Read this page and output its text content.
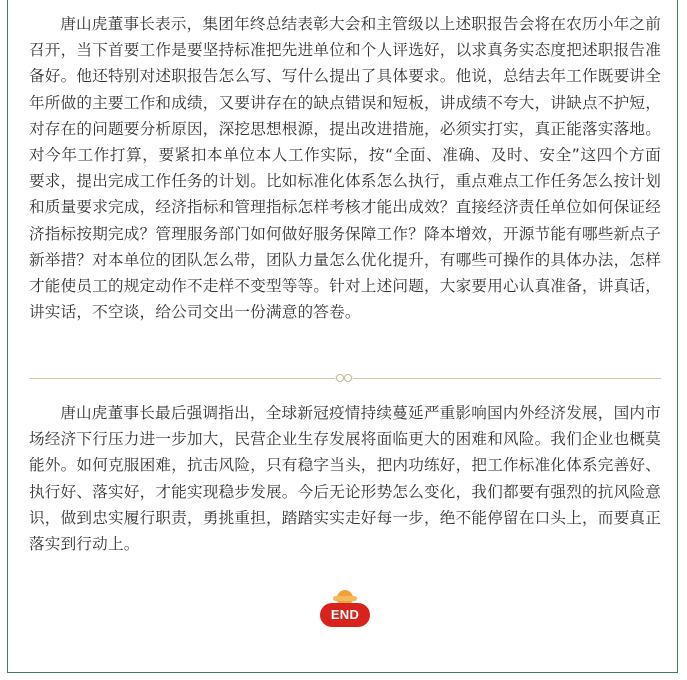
唐山虎董事长表示，集团年终总结表彰大会和主管级以上述职报告会将在农历小年之前召开，当下首要工作是要坚持标准把先进单位和个人评选好，以求真务实态度把述职报告准备好。他还特别对述职报告怎么写、写什么提出了具体要求。他说，总结去年工作既要讲全年所做的主要工作和成绩，又要讲存在的缺点错误和短板，讲成绩不夸大，讲缺点不护短，对存在的问题要分析原因，深挖思想根源，提出改进措施，必须实打实，真正能落实落地。对今年工作打算，要紧扣本单位本人工作实际，按“全面、准确、及时、安全”这四个方面要求，提出完成工作任务的计划。比如标准化体系怎么执行，重点难点工作任务怎么按计划和质量要求完成，经济指标和管理指标怎样考核才能出成效？直接经济责任单位如何保证经济指标按期完成？管理服务部门如何做好服务保障工作？降本增效，开源节能有哪些新点子新举措？对本单位的团队怎么带，团队力量怎么优化提升，有哪些可操作的具体办法，怎样才能使员工的规定动作不走样不变型等等。针对上述问题，大家要用心认真准备，讲真话，讲实话，不空谈，给公司交出一份满意的答卷。

唐山虎董事长最后强调指出，全球新冠疫情持续蔓延严重影响国内外经济发展，国内市场经济下行压力进一步加大，民营企业生存发展将面临更大的困难和风险。我们企业也概莫能外。如何克服困难，抗击风险，只有稳字当头，把内功练好，把工作标准化体系完善好、执行好、落实好，才能实现稳步发展。今后无论形势怎么变化，我们都要有强烈的抗风险意识，做到忠实履行职责，勇挑重担，踏踏实实走好每一步，绝不能停留在口头上，而要真正落实到行动上。

END
